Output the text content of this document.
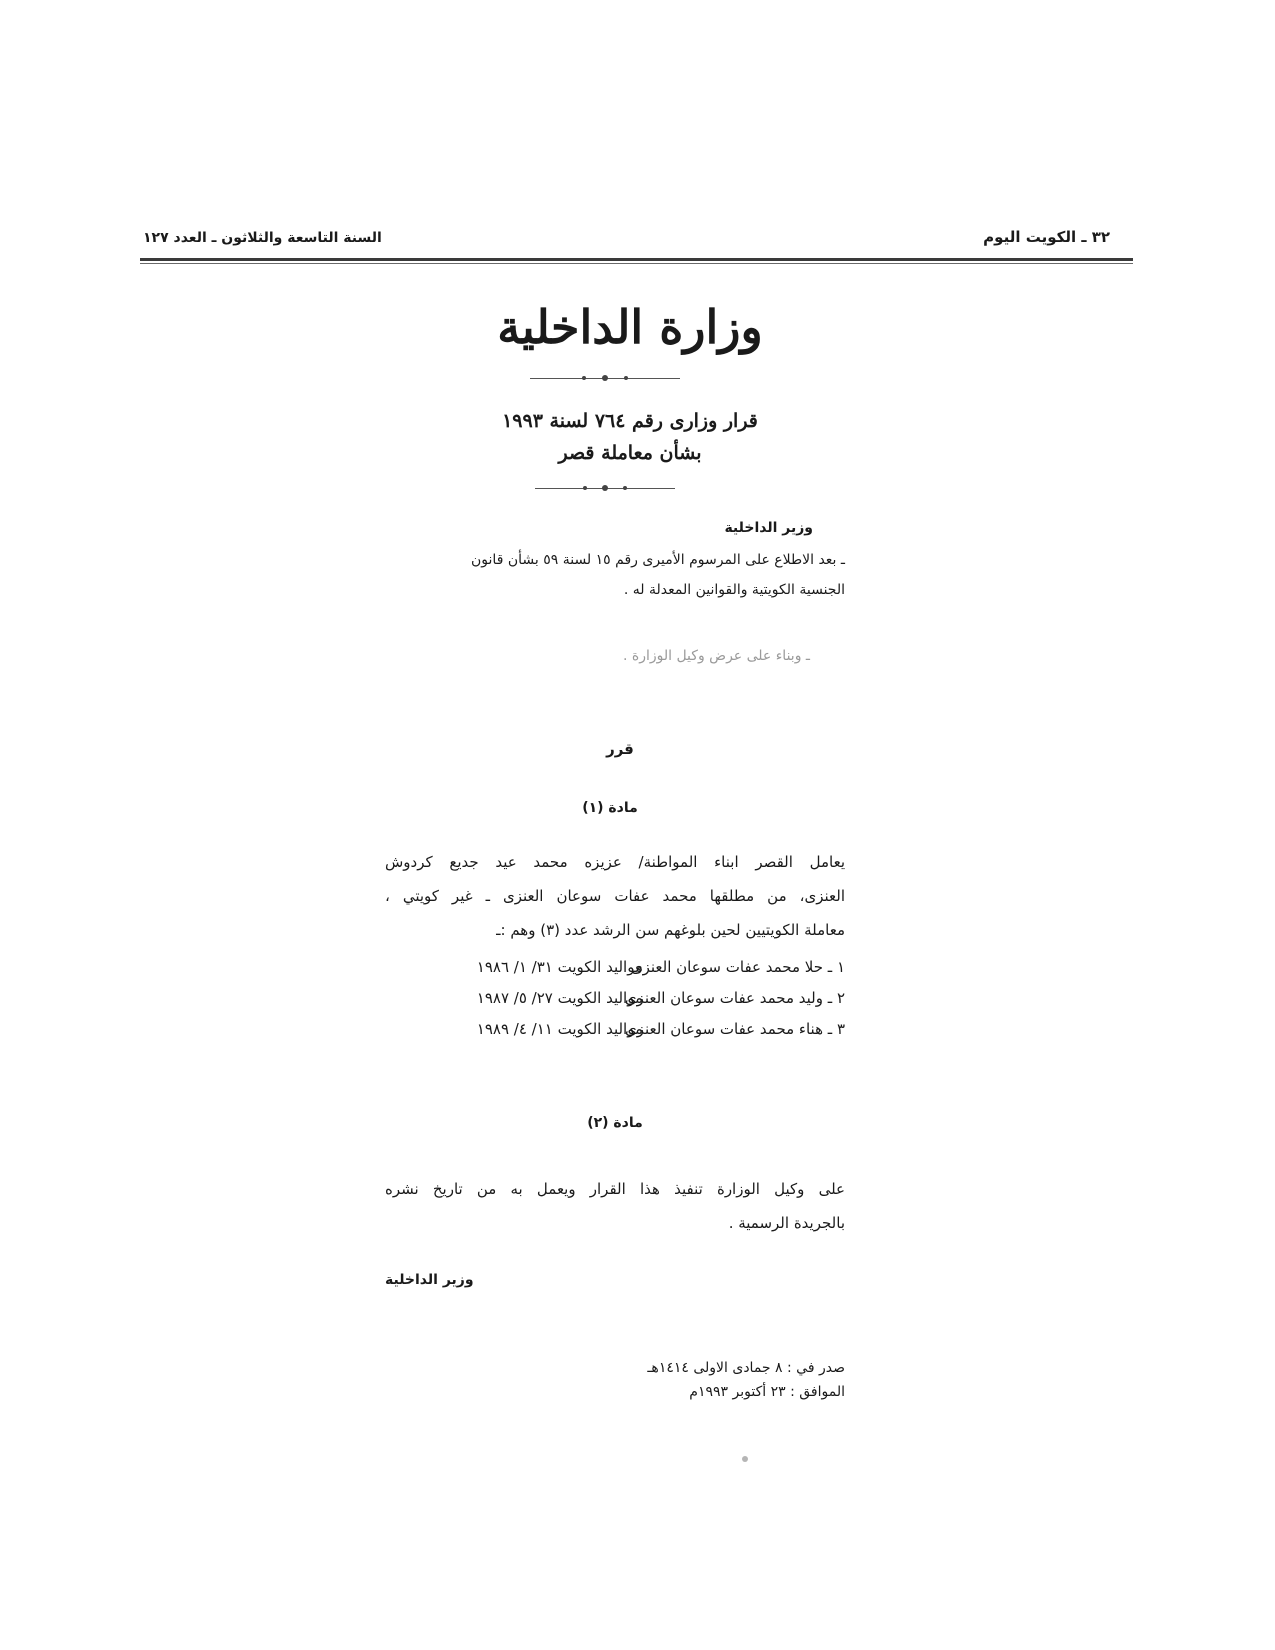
السنة التاسعة والثلاثون ـ العدد ١٢٧	٣٢ ـ الكويت اليوم
وزارة الداخلية
قرار وزارى رقم ٧٦٤ لسنة ١٩٩٣
بشأن معاملة قصر
وزير الداخلية
ـ بعد الاطلاع على المرسوم الأميرى رقم ١٥ لسنة ٥٩ بشأن قانون
الجنسية الكويتية والقوانين المعدلة له .
ـ وبناء على عرض وكيل الوزارة .
قرر
مادة (١)
يعامل القصر ابناء المواطنة/ عزيزه محمد عيد جديع كردوش
العنزى، من مطلقها محمد عفات سوعان العنزى ـ غير كويتي ،
معاملة الكويتيين لحين بلوغهم سن الرشد عدد (٣) وهم :ـ
١ ـ حلا محمد عفات سوعان العنزى
مواليد الكويت ٣١/ ١/ ١٩٨٦
٢ ـ وليد محمد عفات سوعان العنزى
مواليد الكويت ٢٧/ ٥/ ١٩٨٧
٣ ـ هناء محمد عفات سوعان العنزى
مواليد الكويت ١١/ ٤/ ١٩٨٩
مادة (٢)
على وكيل الوزارة تنفيذ هذا القرار ويعمل به من تاريخ نشره
بالجريدة الرسمية .
وزير الداخلية
صدر في : ٨ جمادى الاولى ١٤١٤هـ
الموافق : ٢٣ أكتوبر ١٩٩٣م
